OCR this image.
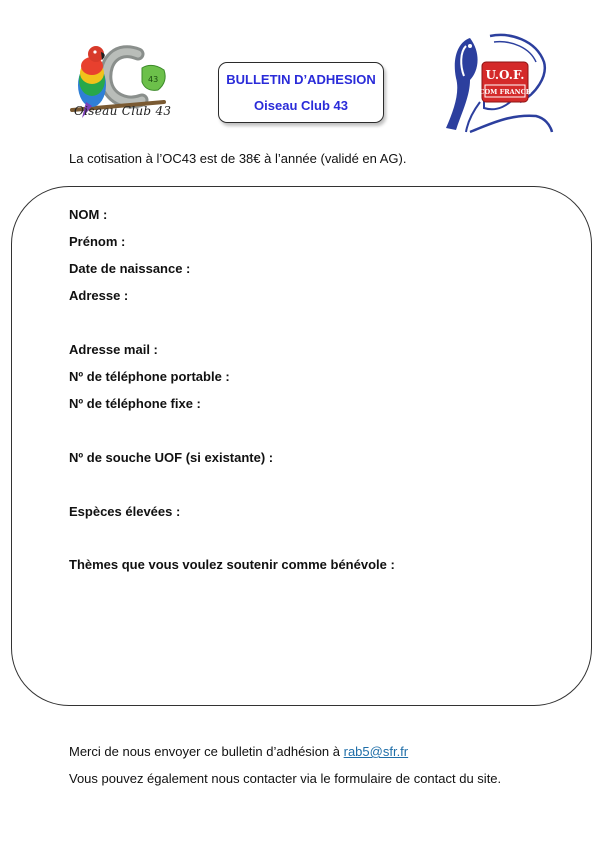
43
Oiseau Club 43
BULLETIN D’ADHESION
Oiseau Club 43
U.O.F.
COM FRANCE
La cotisation à l’OC43 est de 38€ à l’année (validé en AG).
NOM :
Prénom :
Date de naissance :
Adresse :
Adresse mail :
Nº de téléphone portable :
Nº de téléphone fixe :
Nº de souche UOF (si existante) :
Espèces élevées :
Thèmes que vous voulez soutenir comme bénévole :
Merci de nous envoyer ce bulletin d’adhésion à rab5@sfr.fr
Vous pouvez également nous contacter via le formulaire de contact du site.
